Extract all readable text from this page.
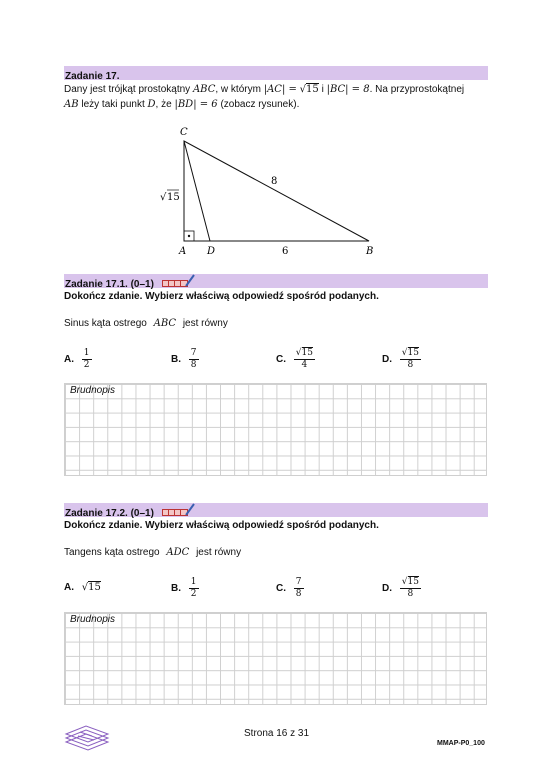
Zadanie 17.
Dany jest trójkąt prostokątny ABC, w którym |AC| = √15 i |BC| = 8. Na przyprostokątnej
AB leży taki punkt D, że |BD| = 6 (zobacz rysunek).
C
A D	B
√ 15
8
6
Zadanie 17.1. (0–1)
Dokończ zdanie. Wybierz właściwą odpowiedź spośród podanych.
Sinus kąta ostrego ABC jest równy
A. $\frac{1}{2}$	B. $\frac{7}{8}$	C. $\frac{√15}{4}$	D. $\frac{√15}{8}$
Brudnopis
Zadanie 17.2. (0–1)
Dokończ zdanie. Wybierz właściwą odpowiedź spośród podanych.
Tangens kąta ostrego ADC jest równy
A. √15	B. $\frac{1}{2}$	C. $\frac{7}{8}$	D. $\frac{√15}{8}$
Brudnopis
Strona 16 z 31
MMAP-P0_100
